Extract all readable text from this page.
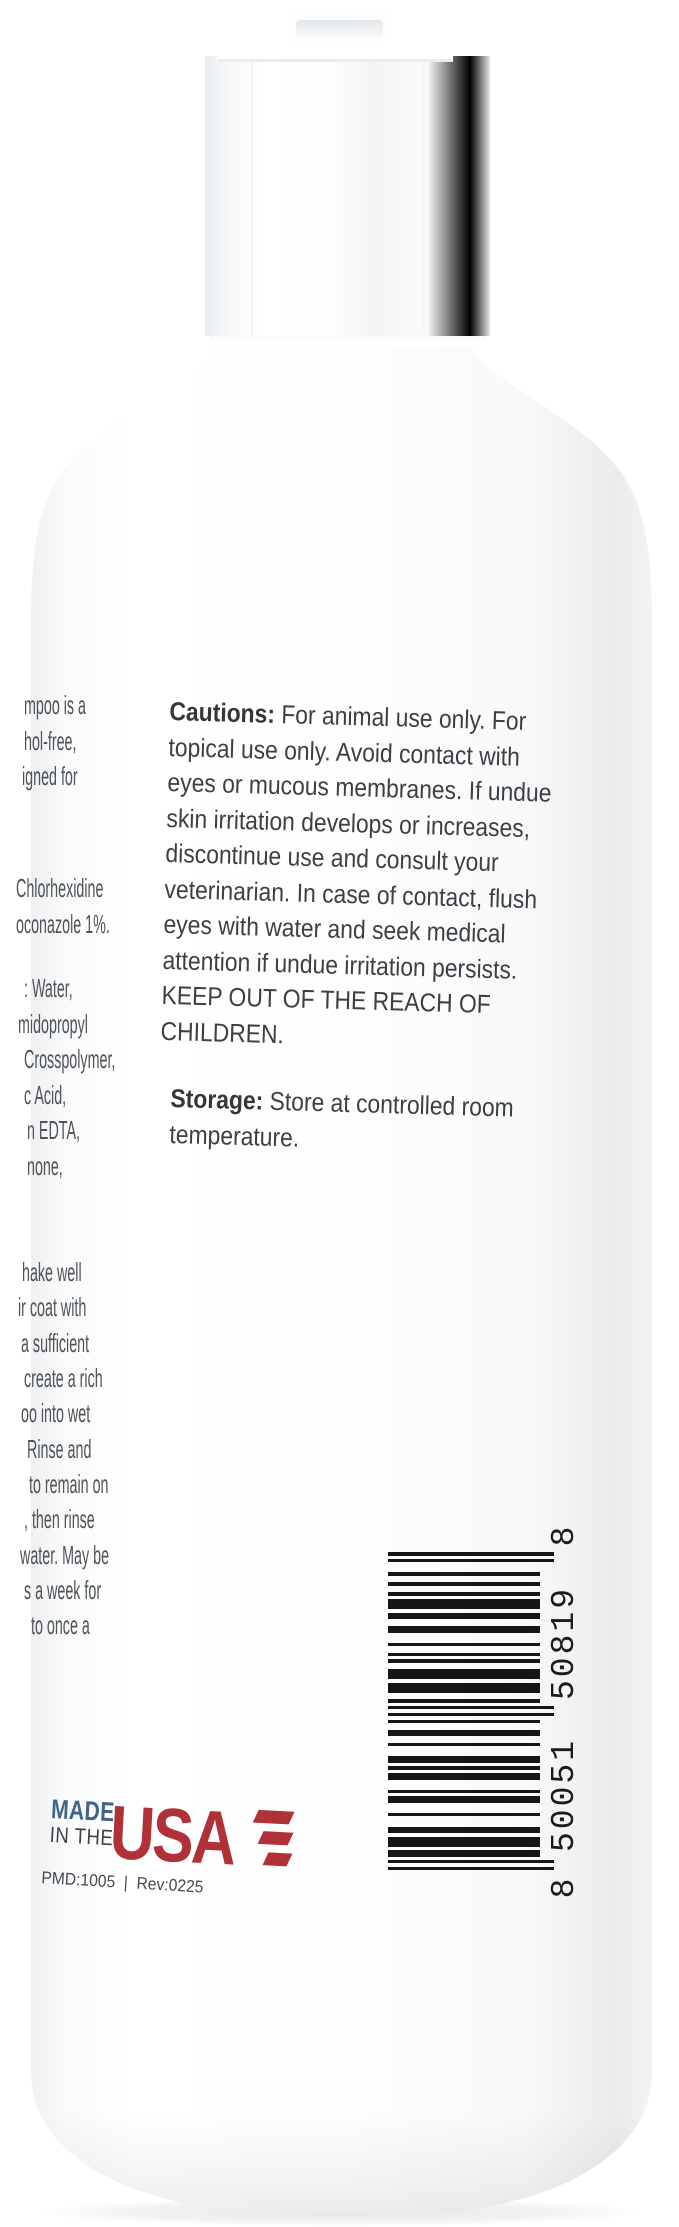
mpoo is a
hol-free,
igned for
Chlorhexidine
oconazole 1%.
: Water,
midopropyl
Crosspolymer,
c Acid,
n EDTA,
none,
hake well
ir coat with
a sufficient
create a rich
oo into wet
Rinse and
to remain on
, then rinse
water. May be
s a week for
to once a
Cautions: For animal use only. For
topical use only. Avoid contact with
eyes or mucous membranes. If undue
skin irritation develops or increases,
discontinue use and consult your
veterinarian. In case of contact, flush
eyes with water and seek medical
attention if undue irritation persists.
KEEP OUT OF THE REACH OF
CHILDREN.
Storage: Store at controlled room
temperature.
MADE
IN THE
USA
PMD:1005  |  Rev:0225	8
50051
50819
8
